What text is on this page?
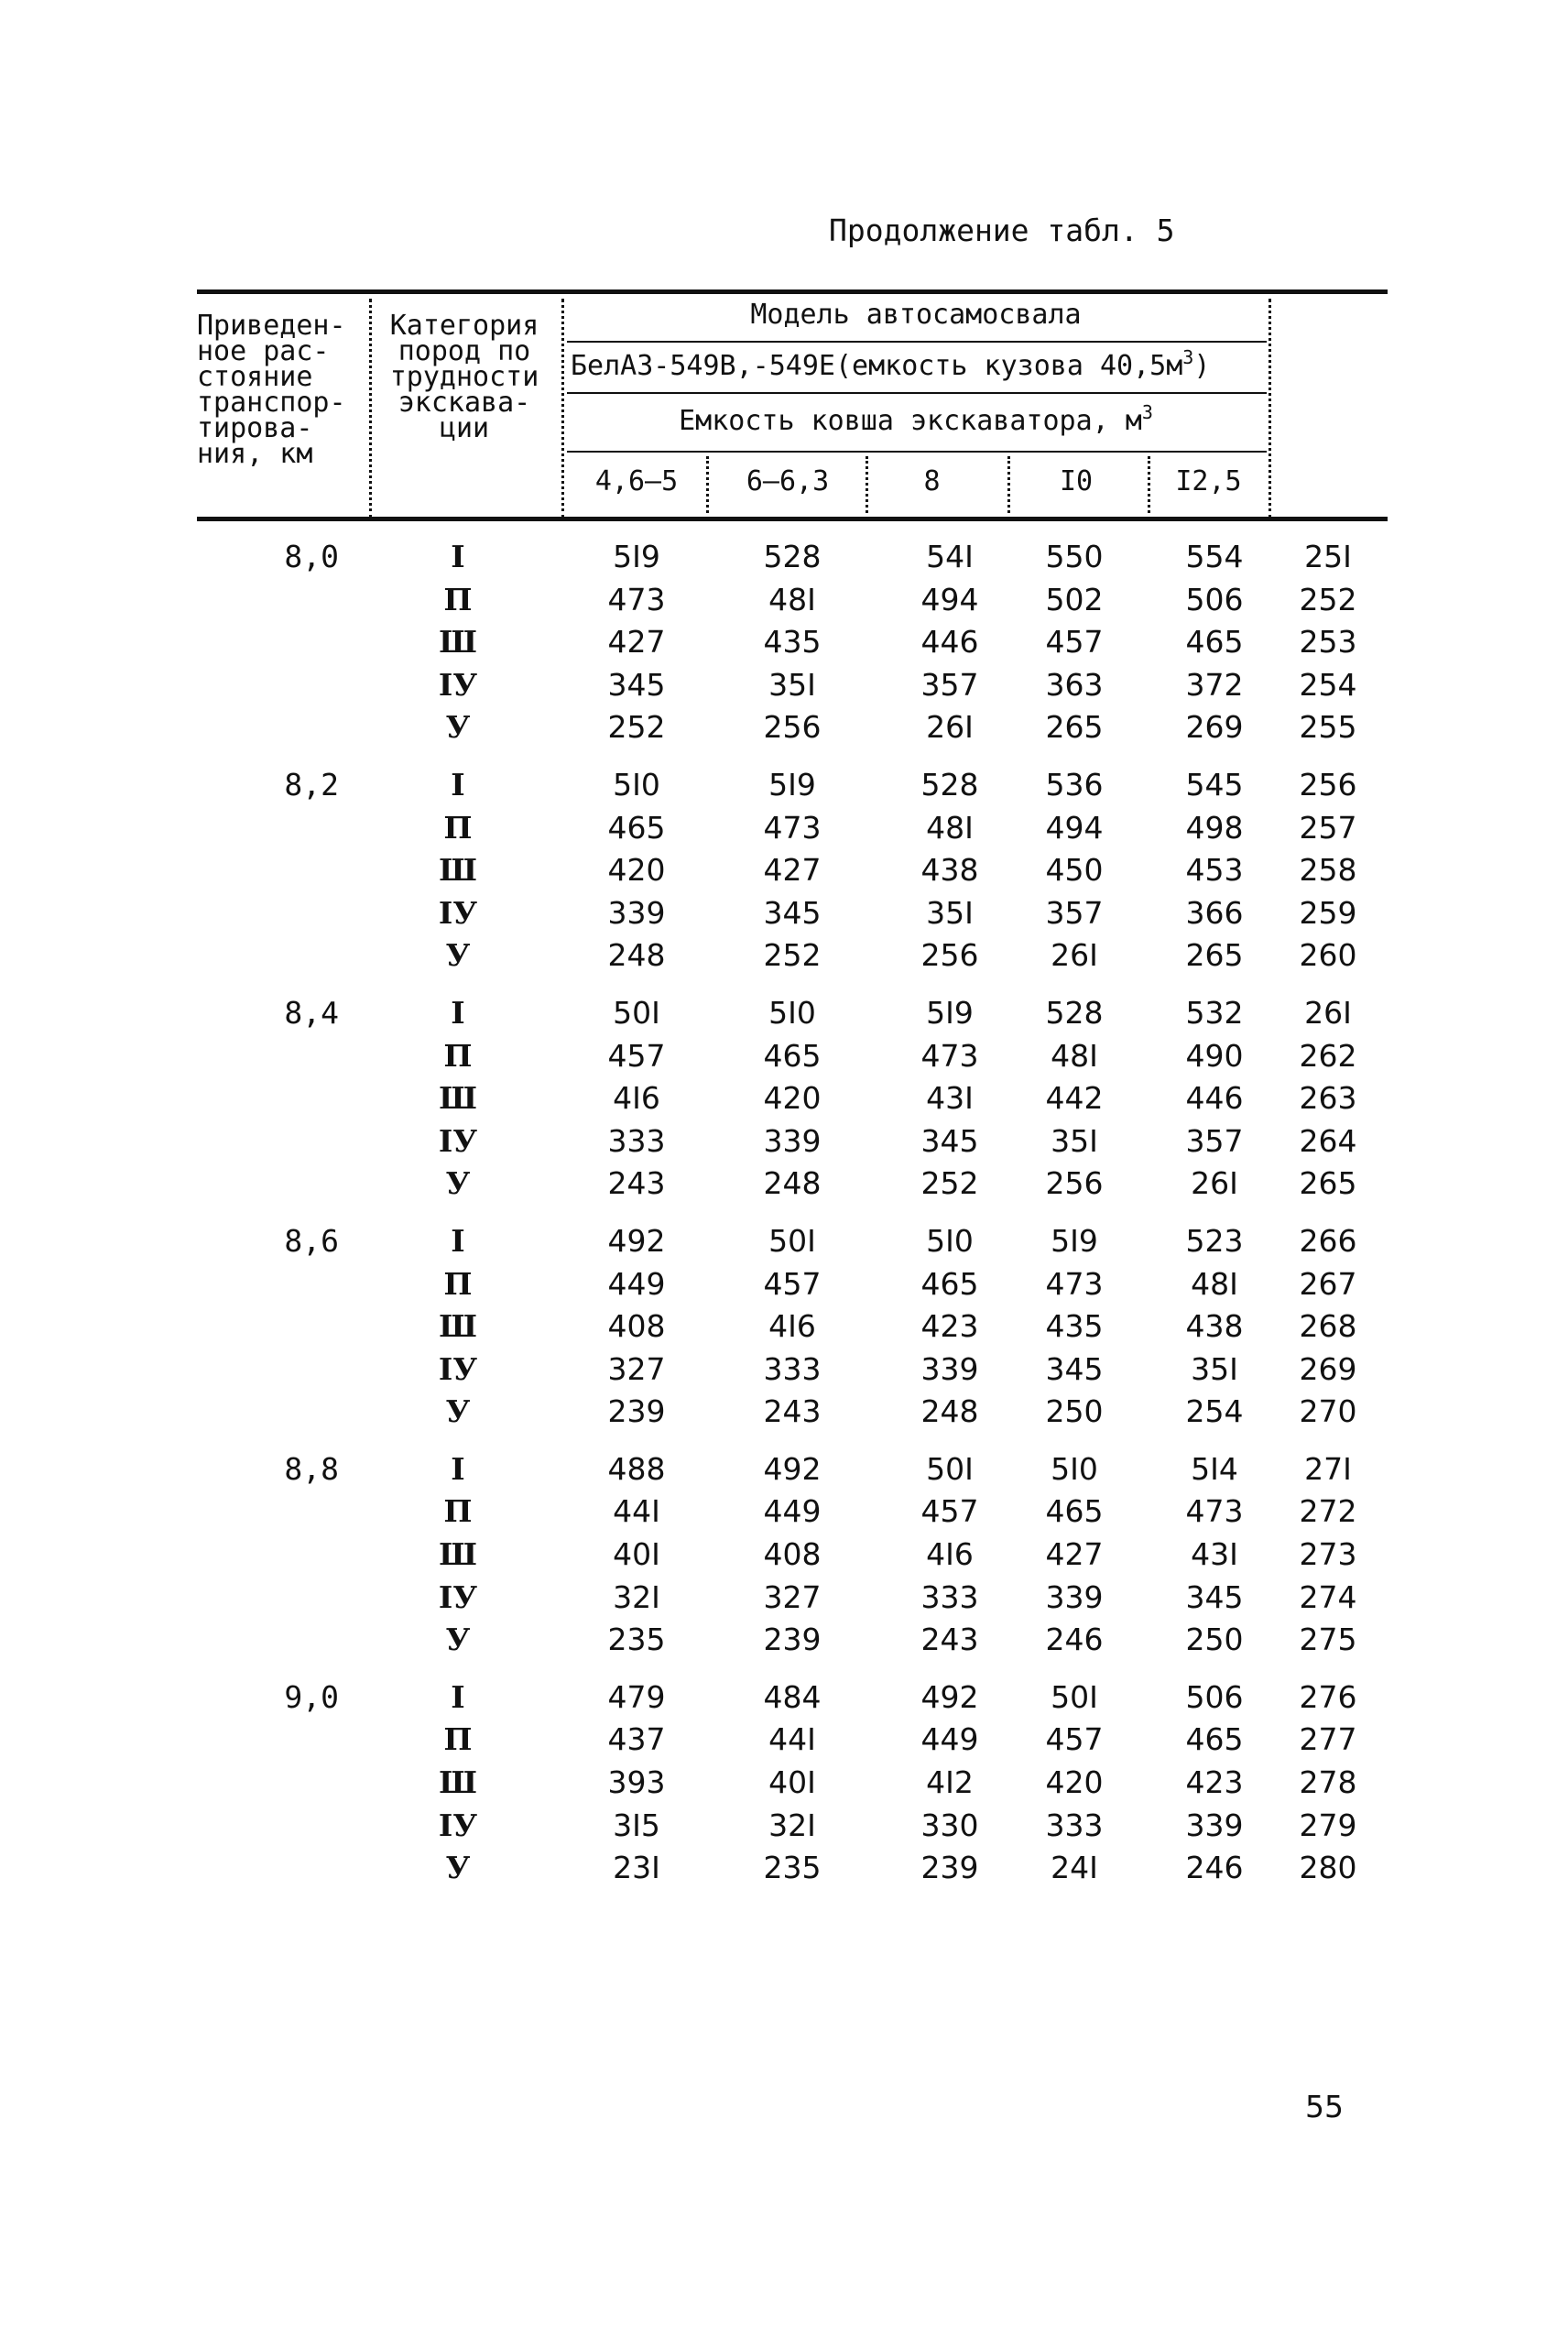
Продолжение табл. 5
Приведен-
ное рас-
стояние
транспор-
тирова-
ния, км
Категория
пород по
трудности
экскава-
ции
Модель автосамосвала
БелАЗ-549В,-549Е(емкость кузова $40,5м^3$)
Емкость ковша экскаватора, $м^3$
4,6–5	6–6,3	8	I0	I2,5
8,0	I	5I9	528	54I	550	554	25I
П	473	48I	494	502	506	252
Ш	427	435	446	457	465	253
ІУ	345	35I	357	363	372	254
У	252	256	26I	265	269	255
8,2	I	5I0	5I9	528	536	545	256
П	465	473	48I	494	498	257
Ш	420	427	438	450	453	258
ІУ	339	345	35I	357	366	259
У	248	252	256	26I	265	260
8,4	I	50I	5I0	5I9	528	532	26I
П	457	465	473	48I	490	262
Ш	4I6	420	43I	442	446	263
ІУ	333	339	345	35I	357	264
У	243	248	252	256	26I	265
8,6	I	492	50I	5I0	5I9	523	266
П	449	457	465	473	48I	267
Ш	408	4I6	423	435	438	268
ІУ	327	333	339	345	35I	269
У	239	243	248	250	254	270
8,8	I	488	492	50I	5I0	5I4	27I
П	44I	449	457	465	473	272
Ш	40I	408	4I6	427	43I	273
ІУ	32I	327	333	339	345	274
У	235	239	243	246	250	275
9,0	I	479	484	492	50I	506	276
П	437	44I	449	457	465	277
Ш	393	40I	4I2	420	423	278
ІУ	3I5	32I	330	333	339	279
У	23I	235	239	24I	246	280
55
